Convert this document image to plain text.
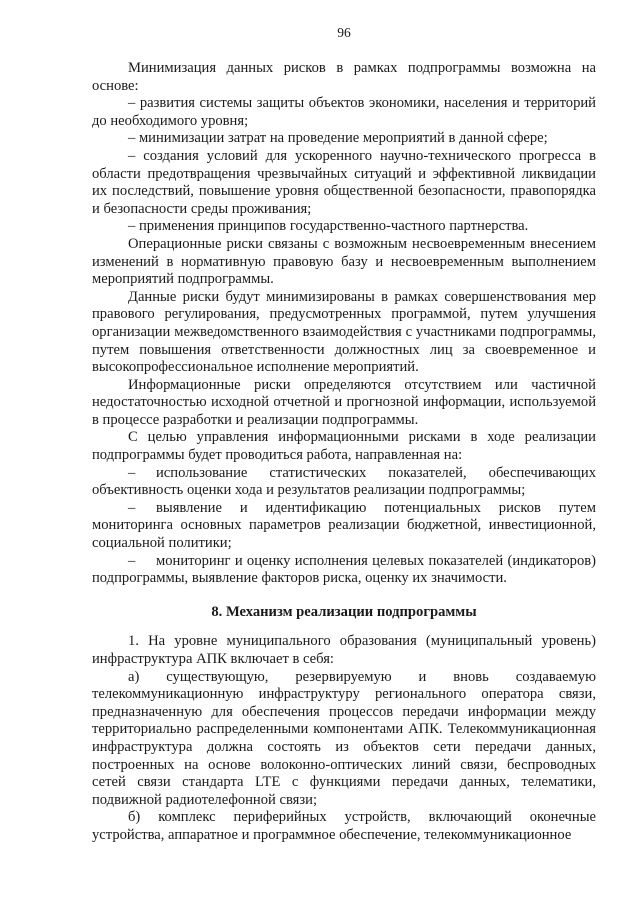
96

Минимизация данных рисков в рамках подпрограммы возможна на основе:

– развития системы защиты объектов экономики, населения и территорий до необходимого уровня;

– минимизации затрат на проведение мероприятий в данной сфере;

– создания условий для ускоренного научно-технического прогресса в области предотвращения чрезвычайных ситуаций и эффективной ликвидации их последствий, повышение уровня общественной безопасности, правопорядка и безопасности среды проживания;

– применения принципов государственно-частного партнерства.

Операционные риски связаны с возможным несвоевременным внесением изменений в нормативную правовую базу и несвоевременным выполнением мероприятий подпрограммы.

Данные риски будут минимизированы в рамках совершенствования мер правового регулирования, предусмотренных программой, путем улучшения организации межведомственного взаимодействия с участниками подпрограммы, путем повышения ответственности должностных лиц за своевременное и высокопрофессиональное исполнение мероприятий.

Информационные риски определяются отсутствием или частичной недостаточностью исходной отчетной и прогнозной информации, используемой в процессе разработки и реализации подпрограммы.

С целью управления информационными рисками в ходе реализации подпрограммы будет проводиться работа, направленная на:

– использование статистических показателей, обеспечивающих объективность оценки хода и результатов реализации подпрограммы;

– выявление и идентификацию потенциальных рисков путем мониторинга основных параметров реализации бюджетной, инвестиционной, социальной политики;

– мониторинг и оценку исполнения целевых показателей (индикаторов) подпрограммы, выявление факторов риска, оценку их значимости.

8. Механизм реализации подпрограммы

1. На уровне муниципального образования (муниципальный уровень) инфраструктура АПК включает в себя:

а) существующую, резервируемую и вновь создаваемую телекоммуникационную инфраструктуру регионального оператора связи, предназначенную для обеспечения процессов передачи информации между территориально распределенными компонентами АПК. Телекоммуникационная инфраструктура должна состоять из объектов сети передачи данных, построенных на основе волоконно-оптических линий связи, беспроводных сетей связи стандарта LTE с функциями передачи данных, телематики, подвижной радиотелефонной связи;

б) комплекс периферийных устройств, включающий оконечные устройства, аппаратное и программное обеспечение, телекоммуникационное
